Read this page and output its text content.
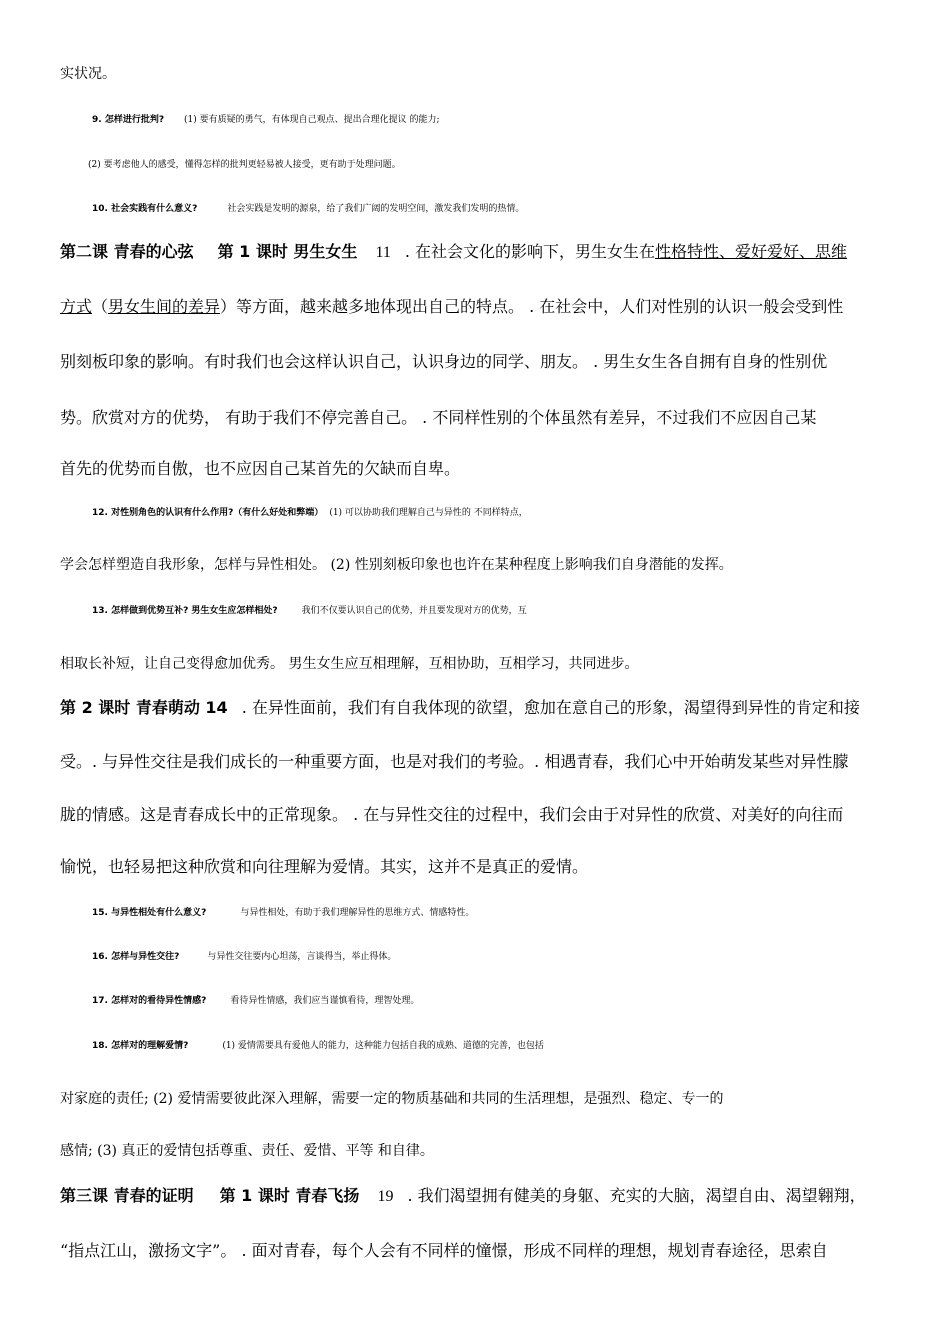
实状况。
9. 怎样进行批判? (1) 要有质疑的勇气，有体现自己观点、提出合理化提议 的能力;
(2) 要考虑他人的感受，懂得怎样的批判更轻易被人接受，更有助于处理问题。
10. 社会实践有什么意义?	社会实践是发明的源泉，给了我们广阔的发明空间，激发我们发明的热情。
第二课 青春的心弦 第 1 课时 男生女生 11 . 在社会文化的影响下，男生女生在性格特性、爱好爱好、思维
方式（男女生间的差异）等方面，越来越多地体现出自己的特点。 . 在社会中，人们对性别的认识一般会受到性
别刻板印象的影响。有时我们也会这样认识自己，认识身边的同学、朋友。 . 男生女生各自拥有自身的性别优
势。欣赏对方的优势， 有助于我们不停完善自己。 . 不同样性别的个体虽然有差异，不过我们不应因自己某
首先的优势而自傲，也不应因自己某首先的欠缺而自卑。
12. 对性别角色的认识有什么作用?（有什么好处和弊端） (1) 可以协助我们理解自己与异性的 不同样特点，
学会怎样塑造自我形象，怎样与异性相处。 (2) 性别刻板印象也也许在某种程度上影响我们自身潜能的发挥。
13. 怎样做到优势互补? 男生女生应怎样相处?	我们不仅要认识自己的优势，并且要发现对方的优势，互
相取长补短，让自己变得愈加优秀。 男生女生应互相理解，互相协助，互相学习，共同进步。
第 2 课时 青春萌动 14 . 在异性面前，我们有自我体现的欲望，愈加在意自己的形象，渴望得到异性的肯定和接
受。. 与异性交往是我们成长的一种重要方面，也是对我们的考验。. 相遇青春，我们心中开始萌发某些对异性朦
胧的情感。这是青春成长中的正常现象。 . 在与异性交往的过程中，我们会由于对异性的欣赏、对美好的向往而
愉悦，也轻易把这种欣赏和向往理解为爱情。其实，这并不是真正的爱情。
15. 与异性相处有什么意义?	与异性相处，有助于我们理解异性的思维方式、情感特性。
16. 怎样与异性交往?	与异性交往要内心坦荡，言谈得当，举止得体。
17. 怎样对的看待异性情感?	看待异性情感，我们应当谨慎看待，理智处理。
18. 怎样对的理解爱情?	(1) 爱情需要具有爱他人的能力，这种能力包括自我的成熟、道德的完善，也包括
对家庭的责任; (2) 爱情需要彼此深入理解，需要一定的物质基础和共同的生活理想，是强烈、稳定、专一的
感情; (3) 真正的爱情包括尊重、责任、爱惜、平等 和自律。
第三课 青春的证明 第 1 课时 青春飞扬 19 . 我们渴望拥有健美的身躯、充实的大脑，渴望自由、渴望翱翔，
“指点江山，激扬文字”。 . 面对青春，每个人会有不同样的憧憬，形成不同样的理想，规划青春途径，思索自
